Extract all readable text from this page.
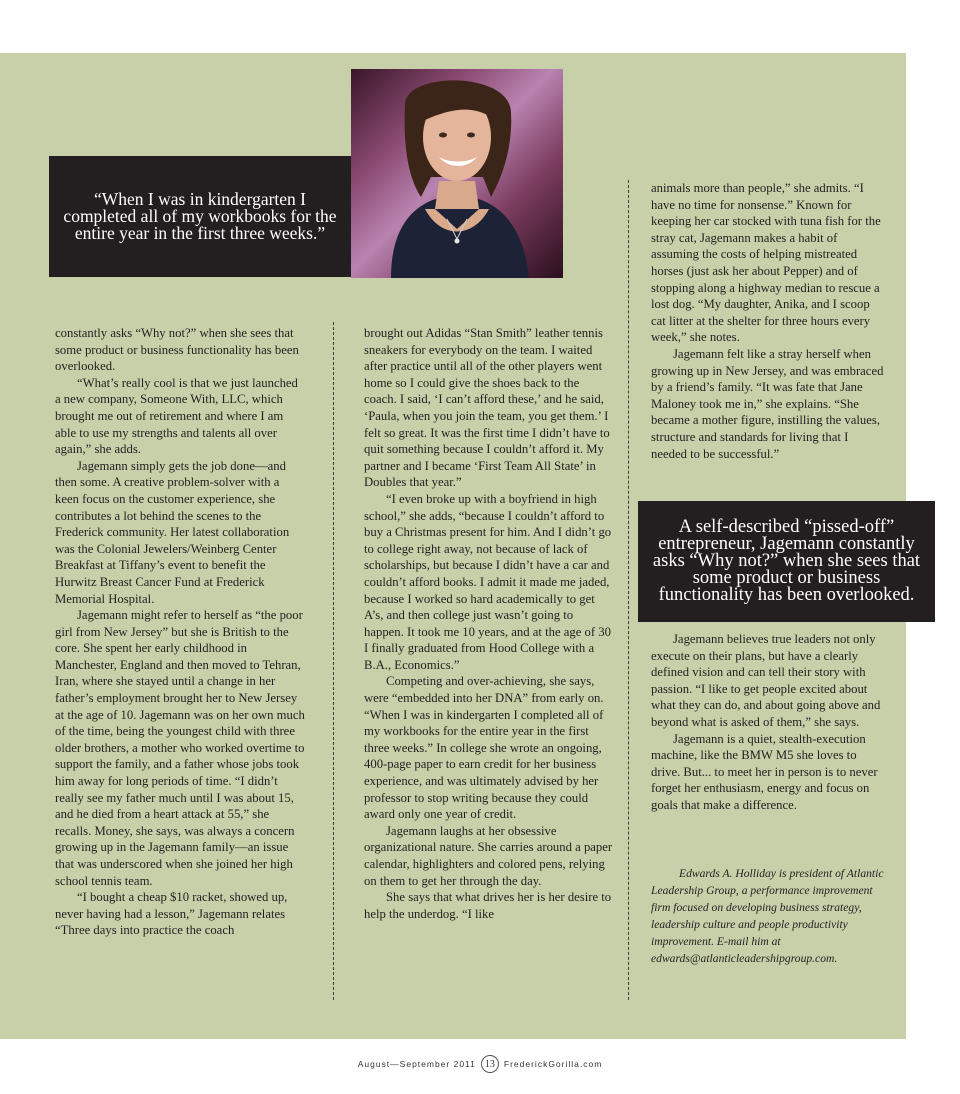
“When I was in kindergarten I completed all of my workbooks for the entire year in the first three weeks.”

constantly asks “Why not?” when she sees that some product or business functionality has been overlooked.

“What’s really cool is that we just launched a new company, Someone With, LLC, which brought me out of retirement and where I am able to use my strengths and talents all over again,” she adds.

Jagemann simply gets the job done—and then some. A creative problem-solver with a keen focus on the customer experience, she contributes a lot behind the scenes to the Frederick community. Her latest collaboration was the Colonial Jewelers/Weinberg Center Breakfast at Tiffany’s event to benefit the Hurwitz Breast Cancer Fund at Frederick Memorial Hospital.

Jagemann might refer to herself as “the poor girl from New Jersey” but she is British to the core. She spent her early childhood in Manchester, England and then moved to Tehran, Iran, where she stayed until a change in her father’s employment brought her to New Jersey at the age of 10. Jagemann was on her own much of the time, being the youngest child with three older brothers, a mother who worked overtime to support the family, and a father whose jobs took him away for long periods of time. “I didn’t really see my father much until I was about 15, and he died from a heart attack at 55,” she recalls. Money, she says, was always a concern growing up in the Jagemann family—an issue that was underscored when she joined her high school tennis team.

“I bought a cheap $10 racket, showed up, never having had a lesson,” Jagemann relates “Three days into practice the coach

brought out Adidas “Stan Smith” leather tennis sneakers for everybody on the team. I waited after practice until all of the other players went home so I could give the shoes back to the coach. I said, ‘I can’t afford these,’ and he said, ‘Paula, when you join the team, you get them.’ I felt so great. It was the first time I didn’t have to quit something because I couldn’t afford it. My partner and I became ‘First Team All State’ in Doubles that year.”

“I even broke up with a boyfriend in high school,” she adds, “because I couldn’t afford to buy a Christmas present for him. And I didn’t go to college right away, not because of lack of scholarships, but because I didn’t have a car and couldn’t afford books. I admit it made me jaded, because I worked so hard academically to get A’s, and then college just wasn’t going to happen. It took me 10 years, and at the age of 30 I finally graduated from Hood College with a B.A., Economics.”

Competing and over-achieving, she says, were “embedded into her DNA” from early on. “When I was in kindergarten I completed all of my workbooks for the entire year in the first three weeks.” In college she wrote an ongoing, 400-page paper to earn credit for her business experience, and was ultimately advised by her professor to stop writing because they could award only one year of credit.

Jagemann laughs at her obsessive organizational nature. She carries around a paper calendar, highlighters and colored pens, relying on them to get her through the day.

She says that what drives her is her desire to help the underdog. “I like

animals more than people,” she admits. “I have no time for nonsense.” Known for keeping her car stocked with tuna fish for the stray cat, Jagemann makes a habit of assuming the costs of helping mistreated horses (just ask her about Pepper) and of stopping along a highway median to rescue a lost dog. “My daughter, Anika, and I scoop cat litter at the shelter for three hours every week,” she notes.

Jagemann felt like a stray herself when growing up in New Jersey, and was embraced by a friend’s family. “It was fate that Jane Maloney took me in,” she explains. “She became a mother figure, instilling the values, structure and standards for living that I needed to be successful.”

A self-described “pissed-off” entrepreneur, Jagemann constantly asks “Why not?” when she sees that some product or business functionality has been overlooked.

Jagemann believes true leaders not only execute on their plans, but have a clearly defined vision and can tell their story with passion. “I like to get people excited about what they can do, and about going above and beyond what is asked of them,” she says.

Jagemann is a quiet, stealth-execution machine, like the BMW M5 she loves to drive. But... to meet her in person is to never forget her enthusiasm, energy and focus on goals that make a difference.

Edwards A. Holliday is president of Atlantic Leadership Group, a performance improvement firm focused on developing business strategy, leadership culture and people productivity improvement. E-mail him at edwards@atlanticleadershipgroup.com.

August—September 2011 13	FrederickGorilla.com
